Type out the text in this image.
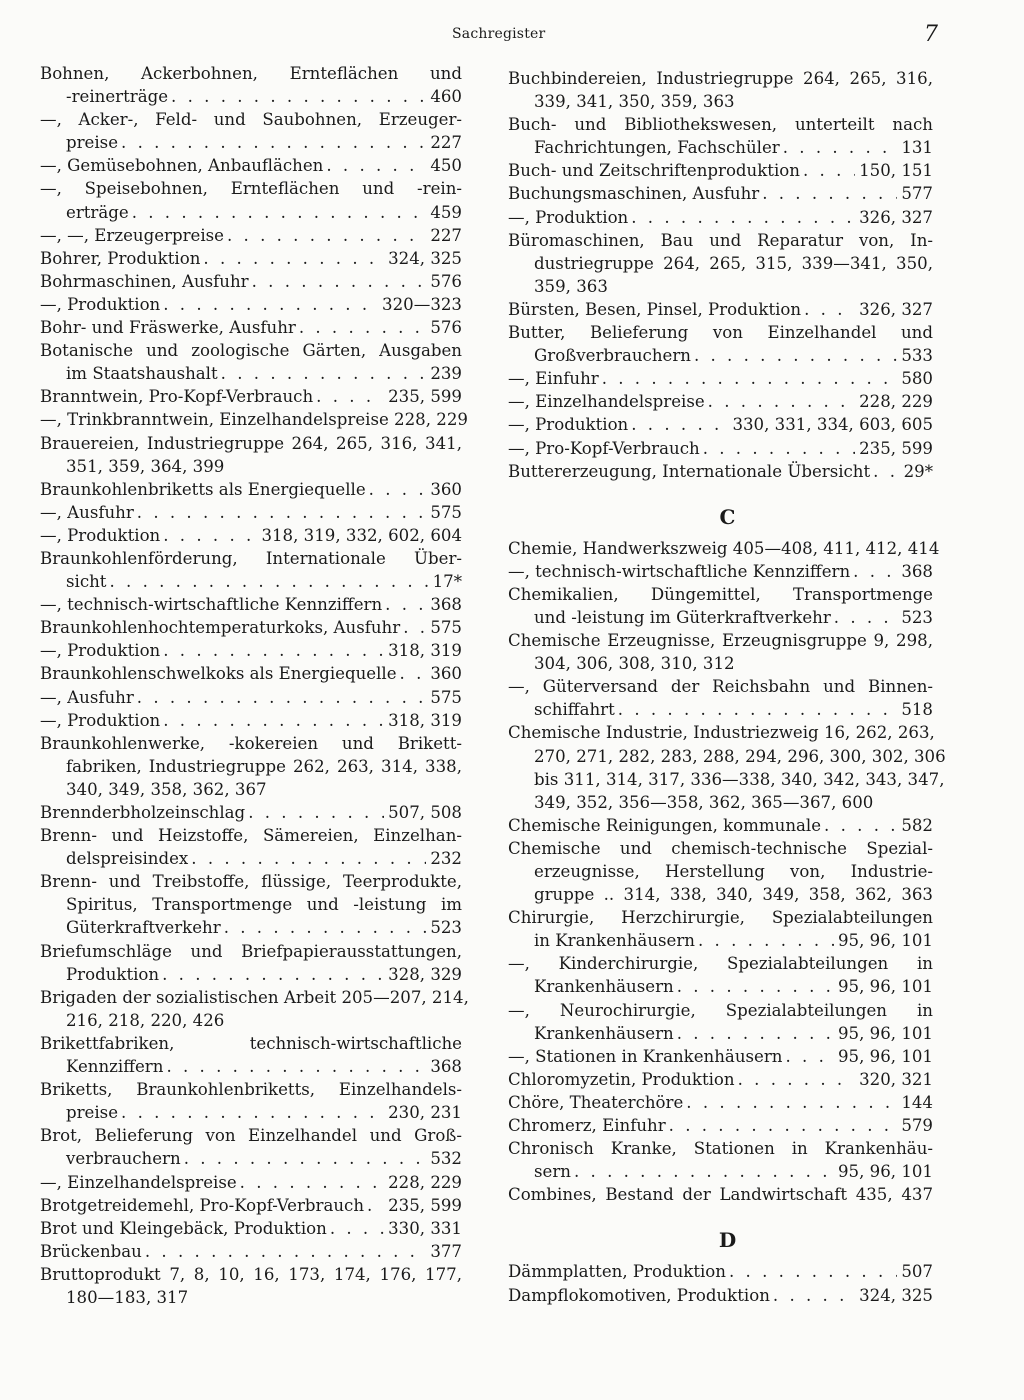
Sachregister	7
Bohnen, Ackerbohnen, Ernteflächen und
-reinerträge . . .	460
—, Acker-, Feld- und Saubohnen, Erzeuger-
preise . . .	227
—, Gemüsebohnen, Anbauflächen . . .	450
—, Speisebohnen, Ernteflächen und -rein-
erträge . . .	459
—, —, Erzeugerpreise . . .	227
Bohrer, Produktion . . .	324, 325
Bohrmaschinen, Ausfuhr . . .	576
—, Produktion . . .	320—323
Bohr- und Fräswerke, Ausfuhr . . .	576
Botanische und zoologische Gärten, Ausgaben
im Staatshaushalt . . .	239
Branntwein, Pro-Kopf-Verbrauch . . .	235, 599
—, Trinkbranntwein, Einzelhandelspreise 228, 229
Brauereien, Industriegruppe 264, 265, 316, 341,
351, 359, 364, 399
Braunkohlenbriketts als Energiequelle . . .	360
—, Ausfuhr . . .	575
—, Produktion . . .	318, 319, 332, 602, 604
Braunkohlenförderung, Internationale Über-
sicht . . .	17*
—, technisch-wirtschaftliche Kennziffern . . .	368
Braunkohlenhochtemperaturkoks, Ausfuhr . . . 575
—, Produktion . . .	318, 319
Braunkohlenschwelkoks als Energiequelle . . . 360
—, Ausfuhr . . .	575
—, Produktion . . .	318, 319
Braunkohlenwerke, -kokereien und Brikett-
fabriken, Industriegruppe 262, 263, 314, 338,
340, 349, 358, 362, 367
Brennderbholzeinschlag . . .	507, 508
Brenn- und Heizstoffe, Sämereien, Einzelhan-
delspreisindex . . .	232
Brenn- und Treibstoffe, flüssige, Teerprodukte,
Spiritus, Transportmenge und -leistung im
Güterkraftverkehr . . .	523
Briefumschläge und Briefpapierausstattungen,
Produktion . . .	328, 329
Brigaden der sozialistischen Arbeit 205—207, 214,
216, 218, 220, 426
Brikettfabriken, technisch-wirtschaftliche
Kennziffern . . .	368
Briketts, Braunkohlenbriketts, Einzelhandels-
preise . . .	230, 231
Brot, Belieferung von Einzelhandel und Groß-
verbrauchern . . .	532
—, Einzelhandelspreise . . .	228, 229
Brotgetreidemehl, Pro-Kopf-Verbrauch . . . 235, 599
Brot und Kleingebäck, Produktion . . .	330, 331
Brückenbau . . .	377
Bruttoprodukt 7, 8, 10, 16, 173, 174, 176, 177,
180—183, 317
Buchbindereien, Industriegruppe 264, 265, 316,
339, 341, 350, 359, 363
Buch- und Bibliothekswesen, unterteilt nach
Fachrichtungen, Fachschüler . . .	131
Buch- und Zeitschriftenproduktion . . .	150, 151
Buchungsmaschinen, Ausfuhr . . .	577
—, Produktion . . .	326, 327
Büromaschinen, Bau und Reparatur von, In-
dustriegruppe 264, 265, 315, 339—341, 350,
359, 363
Bürsten, Besen, Pinsel, Produktion . . .	326, 327
Butter, Belieferung von Einzelhandel und
Großverbrauchern . . .	533
—, Einfuhr . . .	580
—, Einzelhandelspreise . . .	228, 229
—, Produktion . . .	330, 331, 334, 603, 605
—, Pro-Kopf-Verbrauch . . .	235, 599
Buttererzeugung, Internationale Übersicht . . . 29*
C
Chemie, Handwerkszweig 405—408, 411, 412, 414
—, technisch-wirtschaftliche Kennziffern . . .	368
Chemikalien, Düngemittel, Transportmenge
und -leistung im Güterkraftverkehr . . .	523
Chemische Erzeugnisse, Erzeugnisgruppe 9, 298,
304, 306, 308, 310, 312
—, Güterversand der Reichsbahn und Binnen-
schiffahrt . . .	518
Chemische Industrie, Industriezweig 16, 262, 263,
270, 271, 282, 283, 288, 294, 296, 300, 302, 306
bis 311, 314, 317, 336—338, 340, 342, 343, 347,
349, 352, 356—358, 362, 365—367, 600
Chemische Reinigungen, kommunale . . .	582
Chemische und chemisch-technische Spezial-
erzeugnisse, Herstellung von, Industrie-
gruppe .. 314, 338, 340, 349, 358, 362, 363
Chirurgie, Herzchirurgie, Spezialabteilungen
in Krankenhäusern . . .	95, 96, 101
—, Kinderchirurgie, Spezialabteilungen in
Krankenhäusern . . .	95, 96, 101
—, Neurochirurgie, Spezialabteilungen in
Krankenhäusern . . .	95, 96, 101
—, Stationen in Krankenhäusern . . .	95, 96, 101
Chloromyzetin, Produktion . . .	320, 321
Chöre, Theaterchöre . . .	144
Chromerz, Einfuhr . . .	579
Chronisch Kranke, Stationen in Krankenhäu-
sern . . .	95, 96, 101
Combines, Bestand der Landwirtschaft 435, 437
D
Dämmplatten, Produktion . . .	507
Dampflokomotiven, Produktion . . .	324, 325
